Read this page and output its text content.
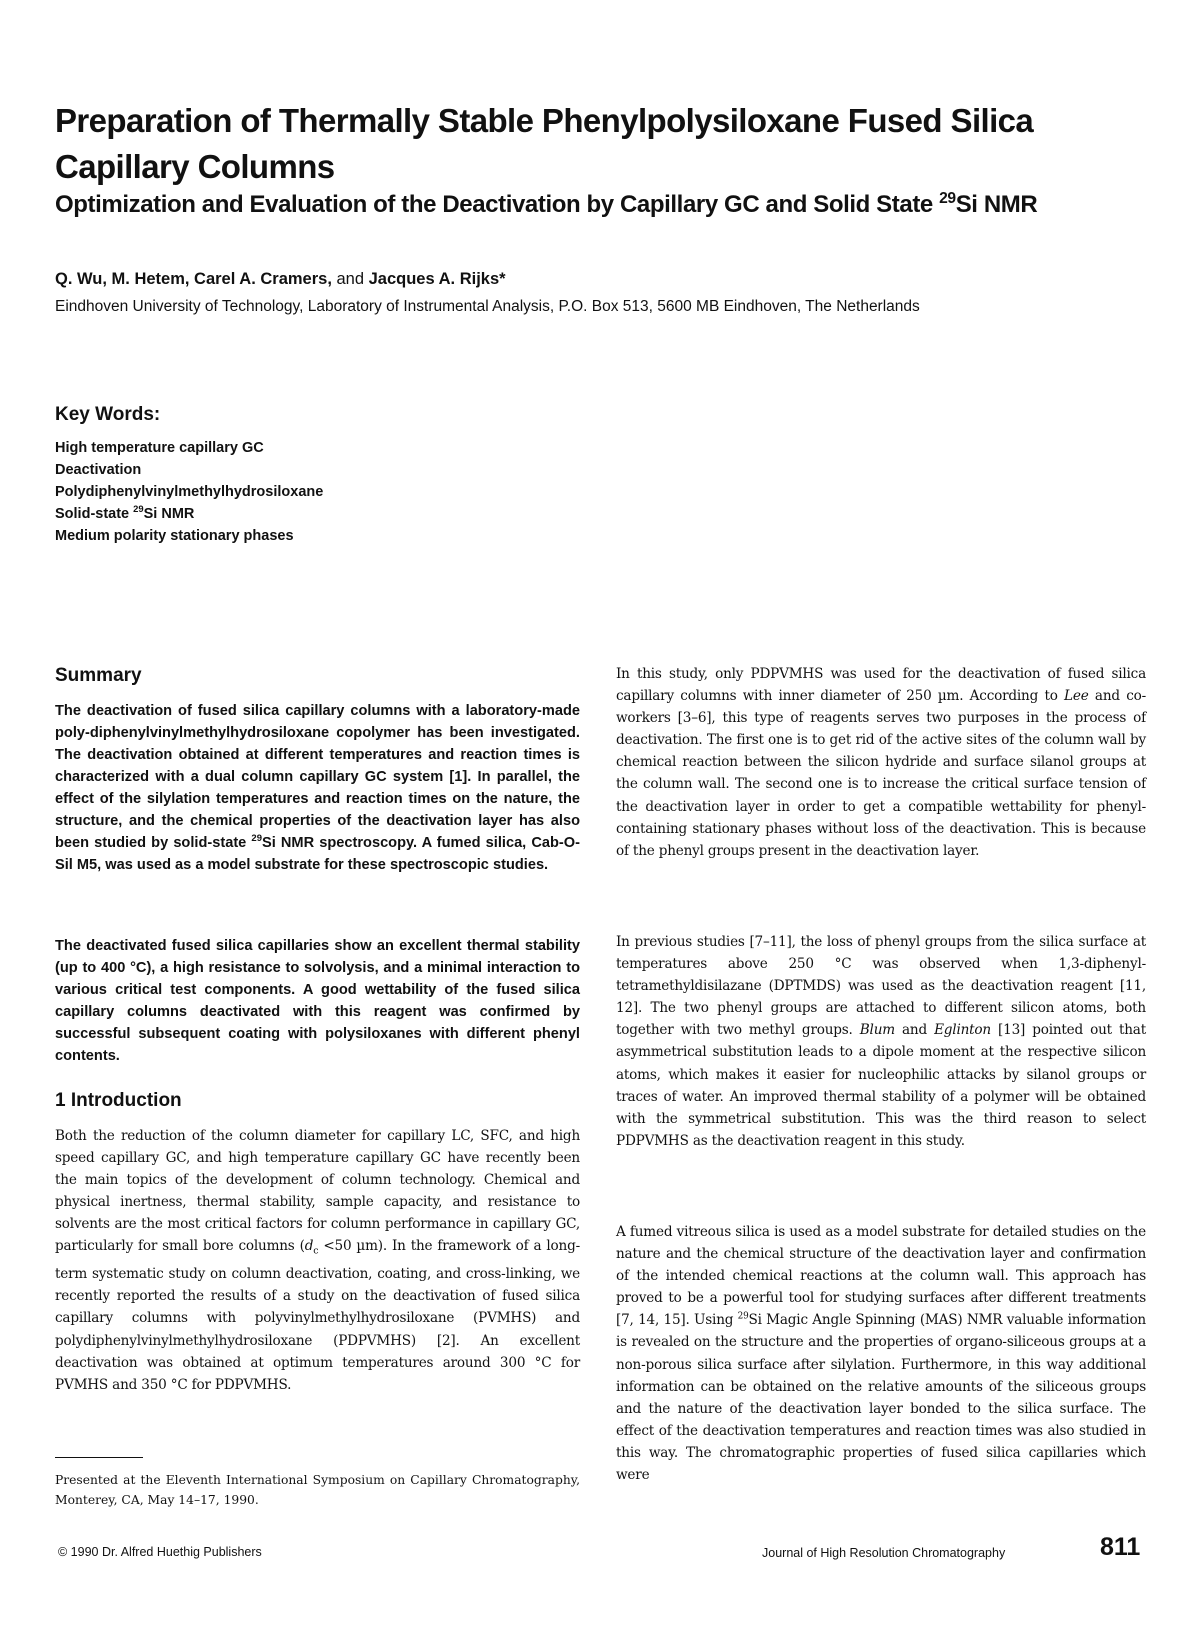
Preparation of Thermally Stable Phenylpolysiloxane Fused Silica Capillary Columns
Optimization and Evaluation of the Deactivation by Capillary GC and Solid State $^{29}$Si NMR
Q. Wu, M. Hetem, Carel A. Cramers, and Jacques A. Rijks*
Eindhoven University of Technology, Laboratory of Instrumental Analysis, P.O. Box 513, 5600 MB Eindhoven, The Netherlands
Key Words:
High temperature capillary GC
Deactivation
Polydiphenylvinylmethylhydrosiloxane
Solid-state $^{29}$Si NMR
Medium polarity stationary phases
Summary

The deactivation of fused silica capillary columns with a laboratory-made poly-diphenylvinylmethylhydrosiloxane copolymer has been investigated. The deactivation obtained at different temperatures and reaction times is characterized with a dual column capillary GC system [1]. In parallel, the effect of the silylation temperatures and reaction times on the nature, the structure, and the chemical properties of the deactivation layer has also been studied by solid-state $^{29}$Si NMR spectroscopy. A fumed silica, Cab-O-Sil M5, was used as a model substrate for these spectroscopic studies.

The deactivated fused silica capillaries show an excellent thermal stability (up to 400 °C), a high resistance to solvolysis, and a minimal interaction to various critical test components. A good wettability of the fused silica capillary columns deactivated with this reagent was confirmed by successful subsequent coating with polysiloxanes with different phenyl contents.

1 Introduction

Both the reduction of the column diameter for capillary LC, SFC, and high speed capillary GC, and high temperature capillary GC have recently been the main topics of the development of column technology. Chemical and physical inertness, thermal stability, sample capacity, and resistance to solvents are the most critical factors for column performance in capillary GC, particularly for small bore columns ($d_c <50$ µm). In the framework of a long-term systematic study on column deactivation, coating, and cross-linking, we recently reported the results of a study on the deactivation of fused silica capillary columns with polyvinylmethylhydrosiloxane (PVMHS) and polydiphenylvinylmethylhydrosiloxane (PDPVMHS) [2]. An excellent deactivation was obtained at optimum temperatures around 300 °C for PVMHS and 350 °C for PDPVMHS.

Presented at the Eleventh International Symposium on Capillary Chromatography, Monterey, CA, May 14–17, 1990.

In this study, only PDPVMHS was used for the deactivation of fused silica capillary columns with inner diameter of 250 µm. According to Lee and co-workers [3–6], this type of reagents serves two purposes in the process of deactivation. The first one is to get rid of the active sites of the column wall by chemical reaction between the silicon hydride and surface silanol groups at the column wall. The second one is to increase the critical surface tension of the deactivation layer in order to get a compatible wettability for phenyl-containing stationary phases without loss of the deactivation. This is because of the phenyl groups present in the deactivation layer.

In previous studies [7–11], the loss of phenyl groups from the silica surface at temperatures above 250 °C was observed when 1,3-diphenyl-tetramethyldisilazane (DPTMDS) was used as the deactivation reagent [11, 12]. The two phenyl groups are attached to different silicon atoms, both together with two methyl groups. Blum and Eglinton [13] pointed out that asymmetrical substitution leads to a dipole moment at the respective silicon atoms, which makes it easier for nucleophilic attacks by silanol groups or traces of water. An improved thermal stability of a polymer will be obtained with the symmetrical substitution. This was the third reason to select PDPVMHS as the deactivation reagent in this study.

A fumed vitreous silica is used as a model substrate for detailed studies on the nature and the chemical structure of the deactivation layer and confirmation of the intended chemical reactions at the column wall. This approach has proved to be a powerful tool for studying surfaces after different treatments [7, 14, 15]. Using $^{29}$Si Magic Angle Spinning (MAS) NMR valuable information is revealed on the structure and the properties of organo-siliceous groups at a non-porous silica surface after silylation. Furthermore, in this way additional information can be obtained on the relative amounts of the siliceous groups and the nature of the deactivation layer bonded to the silica surface. The effect of the deactivation temperatures and reaction times was also studied in this way. The chromatographic properties of fused silica capillaries which were

© 1990 Dr. Alfred Huethig Publishers	Journal of High Resolution Chromatography	811
